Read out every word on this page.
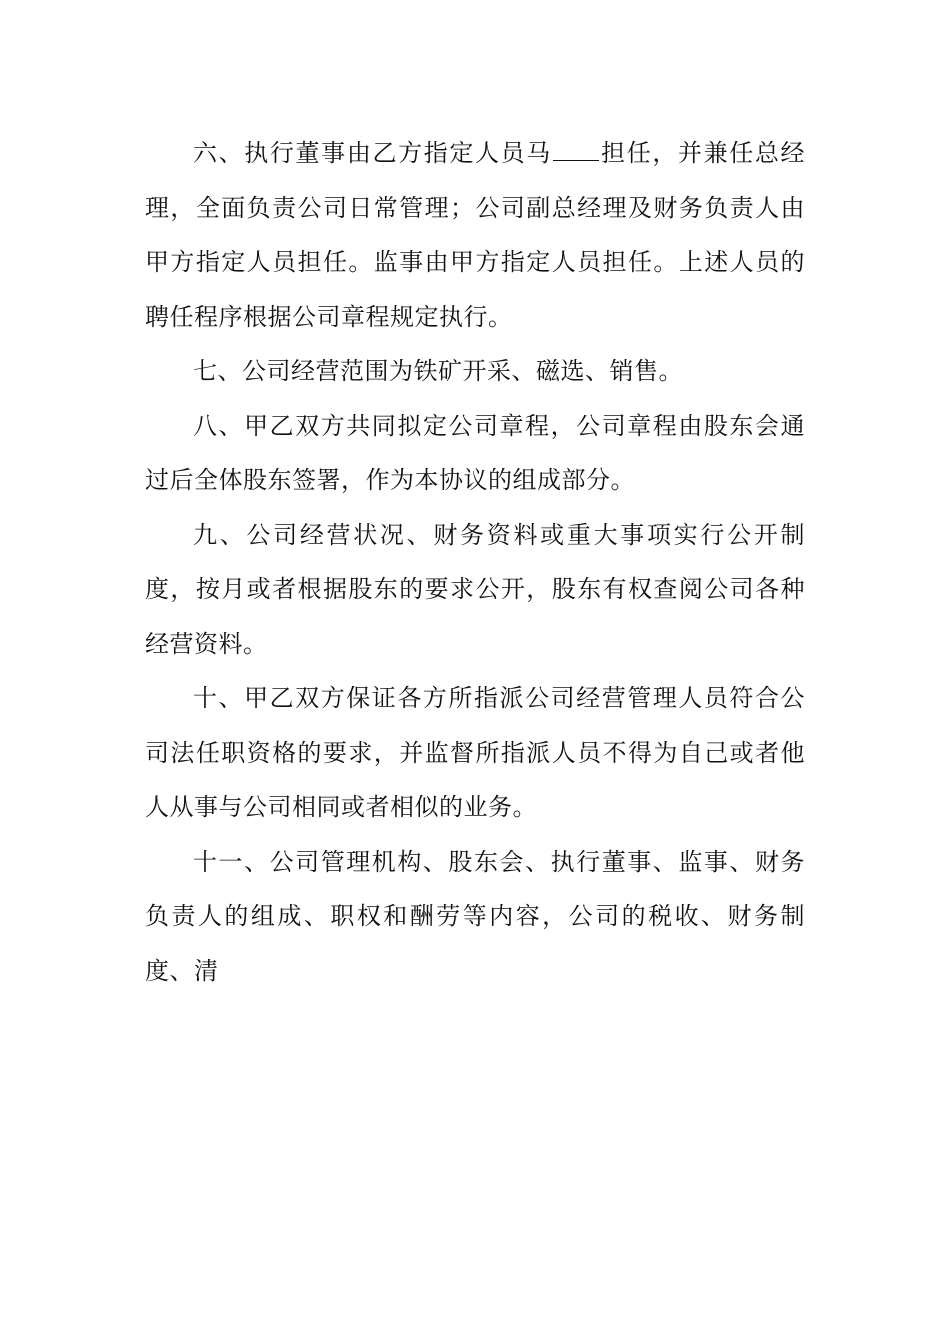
六、执行董事由乙方指定人员马 担任，并兼任总经理，全面负责公司日常管理；公司副总经理及财务负责人由甲方指定人员担任。监事由甲方指定人员担任。上述人员的聘任程序根据公司章程规定执行。

七、公司经营范围为铁矿开采、磁选、销售。

八、甲乙双方共同拟定公司章程，公司章程由股东会通过后全体股东签署，作为本协议的组成部分。

九、公司经营状况、财务资料或重大事项实行公开制度，按月或者根据股东的要求公开，股东有权查阅公司各种经营资料。

十、甲乙双方保证各方所指派公司经营管理人员符合公司法任职资格的要求，并监督所指派人员不得为自己或者他人从事与公司相同或者相似的业务。

十一、公司管理机构、股东会、执行董事、监事、财务负责人的组成、职权和酬劳等内容，公司的税收、财务制度、清
